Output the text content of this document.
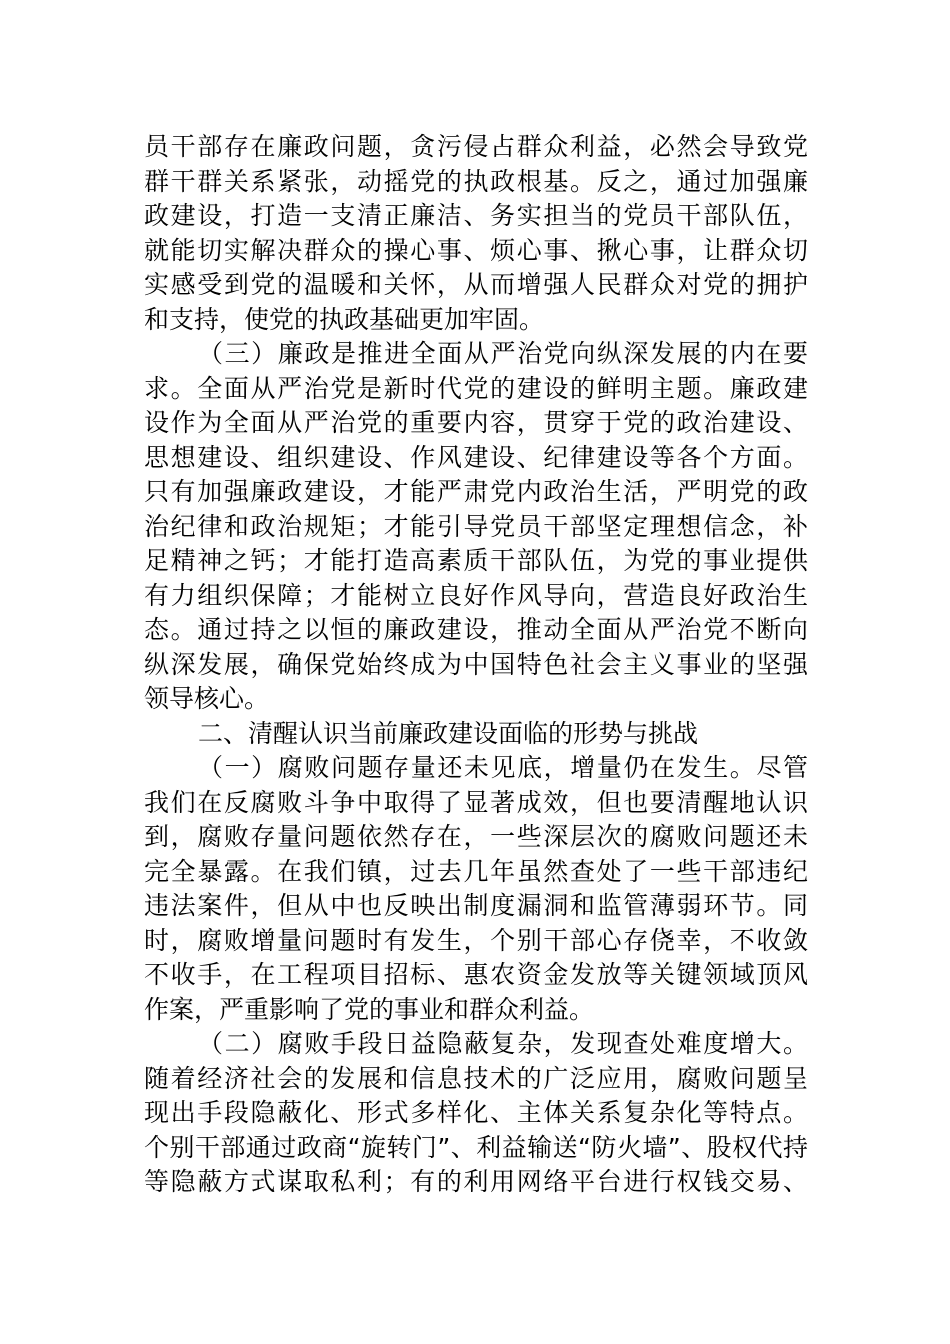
员干部存在廉政问题，贪污侵占群众利益，必然会导致党
群干群关系紧张，动摇党的执政根基。反之，通过加强廉
政建设，打造一支清正廉洁、务实担当的党员干部队伍，
就能切实解决群众的操心事、烦心事、揪心事，让群众切
实感受到党的温暖和关怀，从而增强人民群众对党的拥护
和支持，使党的执政基础更加牢固。
（三）廉政是推进全面从严治党向纵深发展的内在要
求。全面从严治党是新时代党的建设的鲜明主题。廉政建
设作为全面从严治党的重要内容，贯穿于党的政治建设、
思想建设、组织建设、作风建设、纪律建设等各个方面。
只有加强廉政建设，才能严肃党内政治生活，严明党的政
治纪律和政治规矩；才能引导党员干部坚定理想信念，补
足精神之钙；才能打造高素质干部队伍，为党的事业提供
有力组织保障；才能树立良好作风导向，营造良好政治生
态。通过持之以恒的廉政建设，推动全面从严治党不断向
纵深发展，确保党始终成为中国特色社会主义事业的坚强
领导核心。
二、清醒认识当前廉政建设面临的形势与挑战
（一）腐败问题存量还未见底，增量仍在发生。尽管
我们在反腐败斗争中取得了显著成效，但也要清醒地认识
到，腐败存量问题依然存在，一些深层次的腐败问题还未
完全暴露。在我们镇，过去几年虽然查处了一些干部违纪
违法案件，但从中也反映出制度漏洞和监管薄弱环节。同
时，腐败增量问题时有发生，个别干部心存侥幸，不收敛
不收手，在工程项目招标、惠农资金发放等关键领域顶风
作案，严重影响了党的事业和群众利益。
（二）腐败手段日益隐蔽复杂，发现查处难度增大。
随着经济社会的发展和信息技术的广泛应用，腐败问题呈
现出手段隐蔽化、形式多样化、主体关系复杂化等特点。
个别干部通过政商“旋转门”、利益输送“防火墙”、股权代持
等隐蔽方式谋取私利；有的利用网络平台进行权钱交易、
